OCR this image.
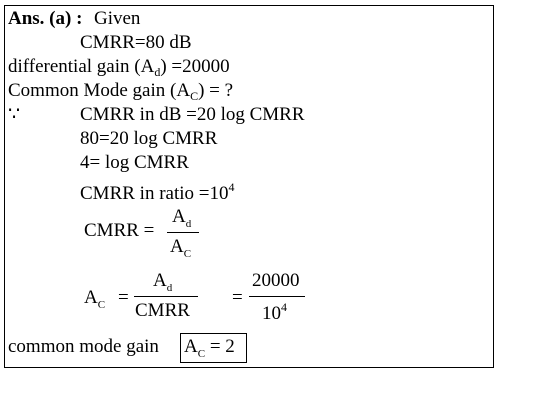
Ans. (a) : Given
CMRR=80 dB
differential gain $(A_d) =20000$
Common Mode gain $(A_C)$ = ?
∵	CMRR in dB =20 log CMRR
80=20 log CMRR
4= log CMRR
CMRR in ratio $=10^4$
CMRR =
$A_d$
$A_C$
$A_C$ =
$A_d$
CMRR
=
20000
$10^4$
common mode gain $A_C = 2$
